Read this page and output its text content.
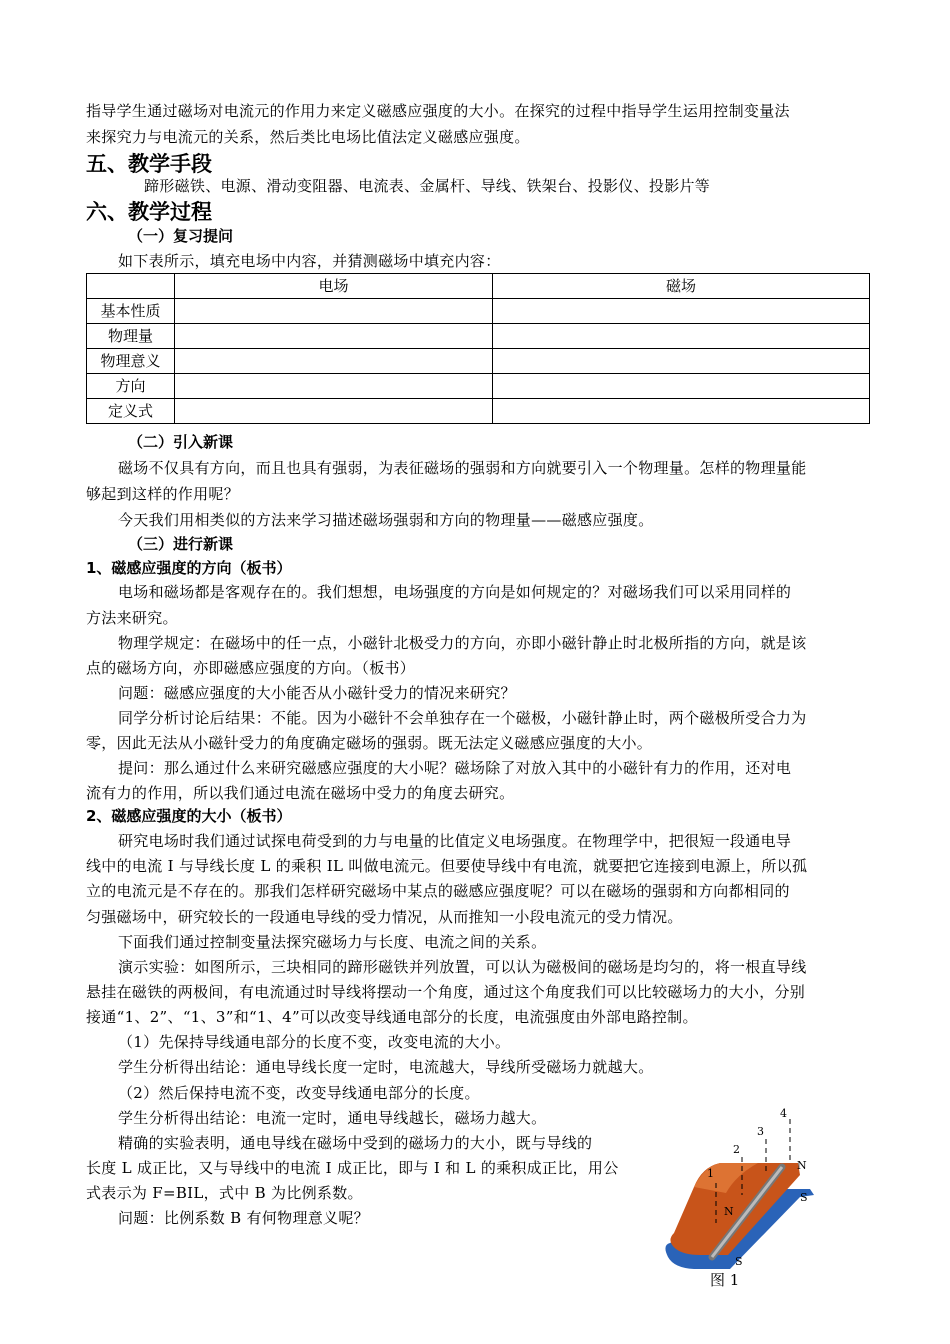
指导学生通过磁场对电流元的作用力来定义磁感应强度的大小。在探究的过程中指导学生运用控制变量法
来探究力与电流元的关系，然后类比电场比值法定义磁感应强度。
五、教学手段
蹄形磁铁、电源、滑动变阻器、电流表、金属杆、导线、铁架台、投影仪、投影片等
六、教学过程
（一）复习提问
如下表所示，填充电场中内容，并猜测磁场中填充内容：
	电场	磁场
基本性质		
物理量		
物理意义		
方向		
定义式		
（二）引入新课
磁场不仅具有方向，而且也具有强弱，为表征磁场的强弱和方向就要引入一个物理量。怎样的物理量能
够起到这样的作用呢？
今天我们用相类似的方法来学习描述磁场强弱和方向的物理量——磁感应强度。
（三）进行新课
1、磁感应强度的方向（板书）
电场和磁场都是客观存在的。我们想想，电场强度的方向是如何规定的？对磁场我们可以采用同样的
方法来研究。
物理学规定：在磁场中的任一点，小磁针北极受力的方向，亦即小磁针静止时北极所指的方向，就是该
点的磁场方向，亦即磁感应强度的方向。（板书）
问题：磁感应强度的大小能否从小磁针受力的情况来研究？
同学分析讨论后结果：不能。因为小磁针不会单独存在一个磁极，小磁针静止时，两个磁极所受合力为
零，因此无法从小磁针受力的角度确定磁场的强弱。既无法定义磁感应强度的大小。
提问：那么通过什么来研究磁感应强度的大小呢？磁场除了对放入其中的小磁针有力的作用，还对电
流有力的作用，所以我们通过电流在磁场中受力的角度去研究。
2、磁感应强度的大小（板书）
研究电场时我们通过试探电荷受到的力与电量的比值定义电场强度。在物理学中，把很短一段通电导
线中的电流 I 与导线长度 L 的乘积 IL 叫做电流元。但要使导线中有电流，就要把它连接到电源上，所以孤
立的电流元是不存在的。那我们怎样研究磁场中某点的磁感应强度呢？可以在磁场的强弱和方向都相同的
匀强磁场中，研究较长的一段通电导线的受力情况，从而推知一小段电流元的受力情况。
下面我们通过控制变量法探究磁场力与长度、电流之间的关系。
演示实验：如图所示，三块相同的蹄形磁铁并列放置，可以认为磁极间的磁场是均匀的，将一根直导线
悬挂在磁铁的两极间，有电流通过时导线将摆动一个角度，通过这个角度我们可以比较磁场力的大小，分别
接通“1、2”、“1、3”和“1、4”可以改变导线通电部分的长度，电流强度由外部电路控制。
（1）先保持导线通电部分的长度不变，改变电流的大小。
学生分析得出结论：通电导线长度一定时，电流越大，导线所受磁场力就越大。
（2）然后保持电流不变，改变导线通电部分的长度。
学生分析得出结论：电流一定时，通电导线越长，磁场力越大。
精确的实验表明，通电导线在磁场中受到的磁场力的大小，既与导线的
长度 L 成正比，又与导线中的电流 I 成正比，即与 I 和 L 的乘积成正比，用公
式表示为 F=BIL，式中 B 为比例系数。
问题：比例系数 B 有何物理意义呢？
1
2
3
4
N
S
N
S
图 1
